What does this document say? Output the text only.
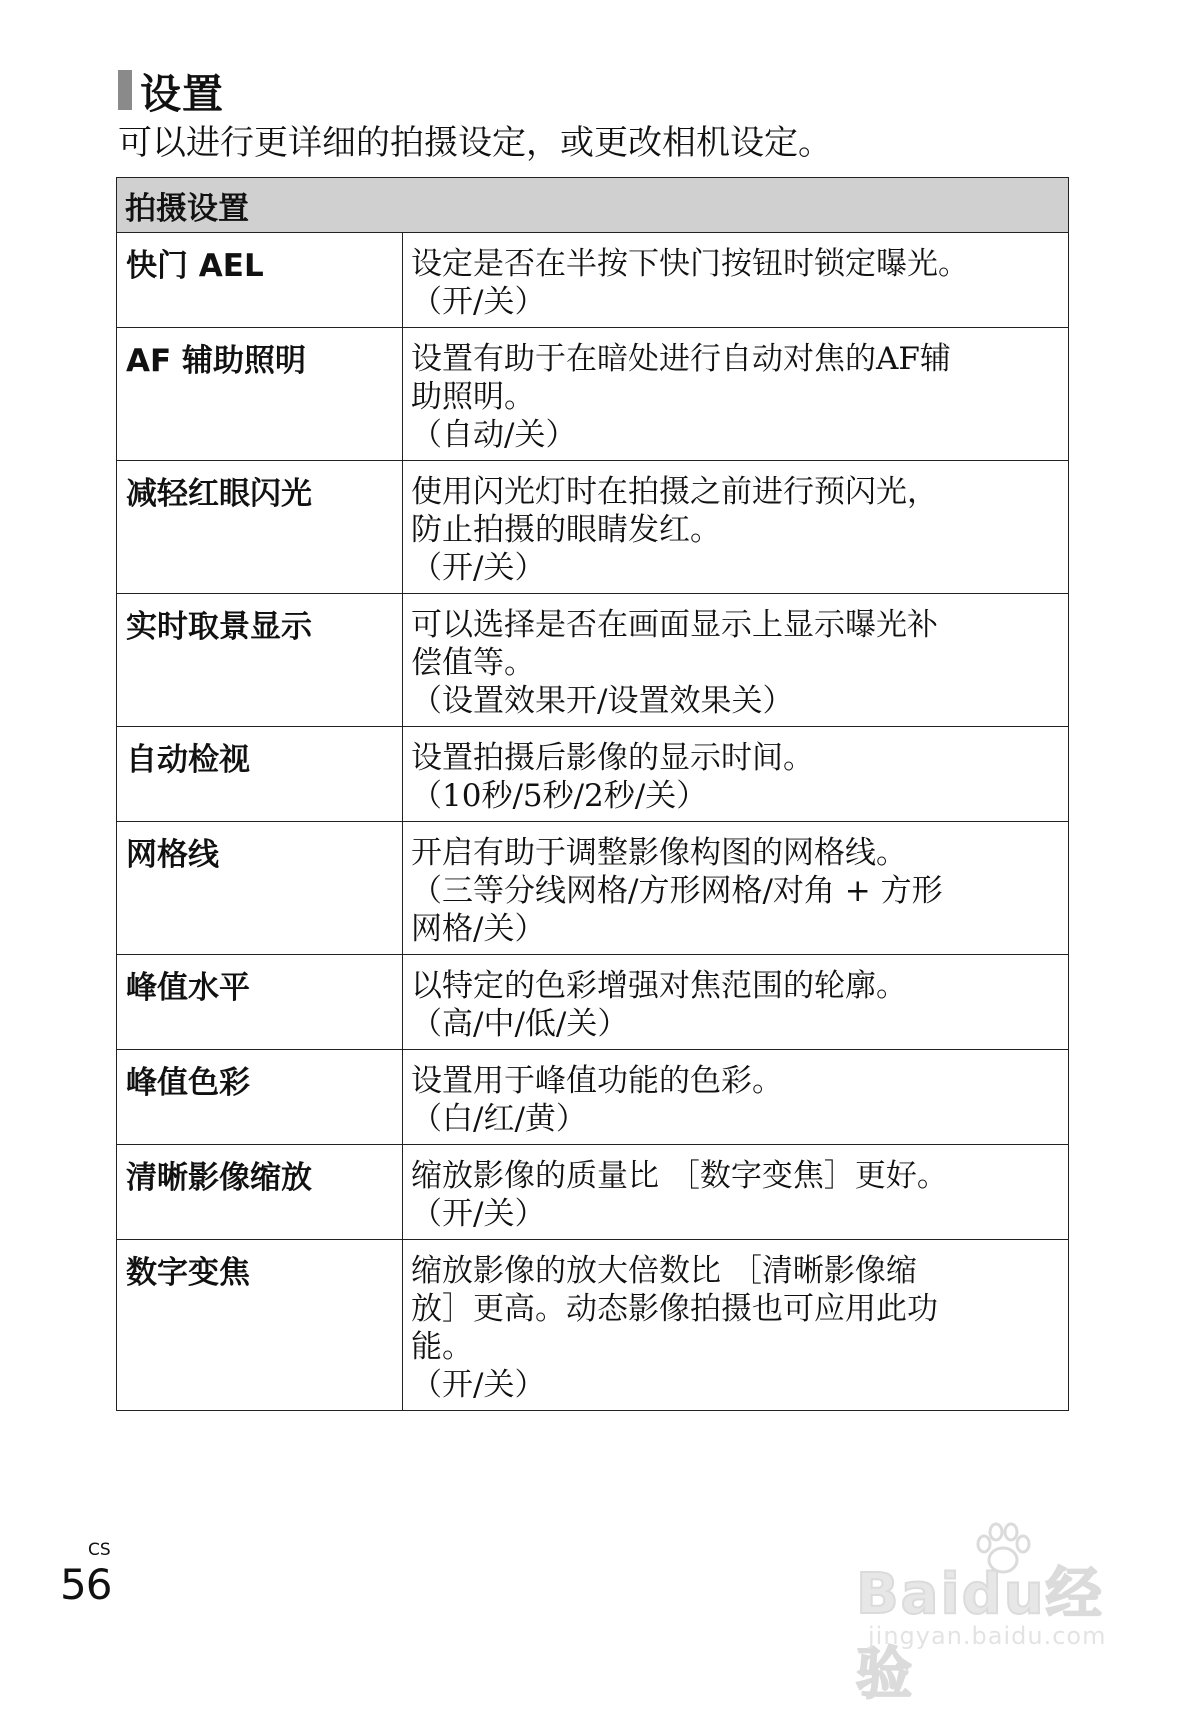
设置
可以进行更详细的拍摄设定，或更改相机设定。
拍摄设置	
快门 AEL	设定是否在半按下快门按钮时锁定曝光。
（开/关）

AF 辅助照明	设置有助于在暗处进行自动对焦的AF辅
助照明。
（自动/关）

减轻红眼闪光	使用闪光灯时在拍摄之前进行预闪光，
防止拍摄的眼睛发红。
（开/关）

实时取景显示	可以选择是否在画面显示上显示曝光补
偿值等。
（设置效果开/设置效果关）

自动检视	设置拍摄后影像的显示时间。
（10秒/5秒/2秒/关）

网格线	开启有助于调整影像构图的网格线。
（三等分线网格/方形网格/对角 + 方形
网格/关）

峰值水平	以特定的色彩增强对焦范围的轮廓。
（高/中/低/关）

峰值色彩	设置用于峰值功能的色彩。
（白/红/黄）

清晰影像缩放	缩放影像的质量比 ［数字变焦］更好。
（开/关）

数字变焦	缩放影像的放大倍数比 ［清晰影像缩
放］更高。动态影像拍摄也可应用此功
能。
（开/关）
CS
56	Baidu经验
jingyan.baidu.com
